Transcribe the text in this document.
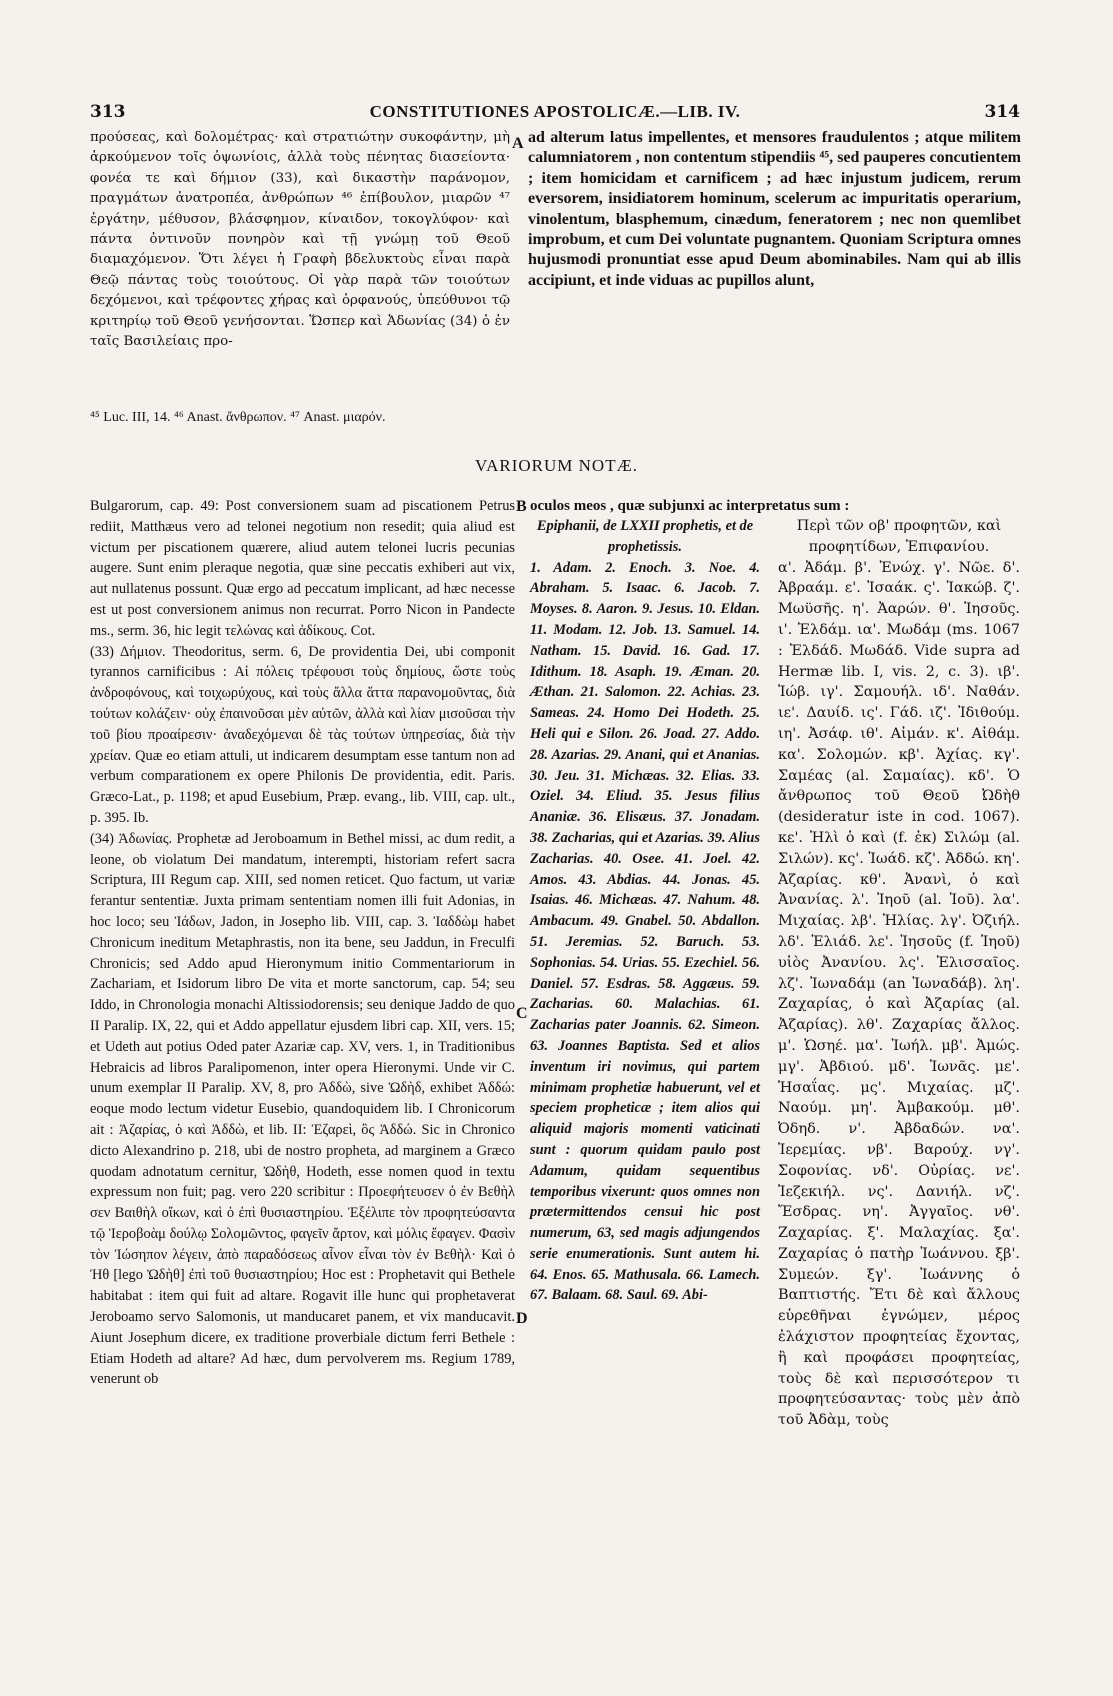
313	CONSTITUTIONES APOSTOLICÆ.—LIB. IV.	314

προύσεας, καὶ δολομέτρας· καὶ στρατιώτην συκοφάντην, μὴ ἀρκούμενον τοῖς ὀψωνίοις, ἀλλὰ τοὺς πένητας διασείοντα· φονέα τε καὶ δήμιον (33), καὶ δικαστὴν παράνομον, πραγμάτων ἀνατροπέα, ἀνθρώπων ⁴⁶ ἐπίβουλον, μιαρῶν ⁴⁷ ἐργάτην, μέθυσον, βλάσφημον, κίναιδον, τοκογλύφον· καὶ πάντα ὀντινοῦν πονηρὸν καὶ τῇ γνώμῃ τοῦ Θεοῦ διαμαχόμενον. Ὅτι λέγει ἡ Γραφὴ βδελυκτοὺς εἶναι παρὰ Θεῷ πάντας τοὺς τοιούτους. Οἱ γὰρ παρὰ τῶν τοιούτων δεχόμενοι, καὶ τρέφοντες χήρας καὶ ὀρφανούς, ὑπεύθυνοι τῷ κριτηρίῳ τοῦ Θεοῦ γενήσονται. Ὥσπερ καὶ Ἀδωνίας (34) ὁ ἐν ταῖς Βασιλείαις προ-

A ad alterum latus impellentes, et mensores fraudulentos ; atque militem calumniatorem , non contentum stipendiis ⁴⁵, sed pauperes concutientem ; item homicidam et carnificem ; ad hæc injustum judicem, rerum eversorem, insidiatorem hominum, scelerum ac impuritatis operarium, vinolentum, blasphemum, cinædum, feneratorem ; nec non quemlibet improbum, et cum Dei voluntate pugnantem. Quoniam Scriptura omnes hujusmodi pronuntiat esse apud Deum abominabiles. Nam qui ab illis accipiunt, et inde viduas ac pupillos alunt,

⁴⁵ Luc. III, 14. ⁴⁶ Anast. ἄνθρωπον. ⁴⁷ Anast. μιαρόν.
VARIORUM NOTÆ.

Bulgarorum, cap. 49: Post conversionem suam ad piscationem Petrus rediit, Matthæus vero ad telonei negotium non resedit; quia aliud est victum per piscationem quærere, aliud autem telonei lucris pecunias augere. Sunt enim pleraque negotia, quæ sine peccatis exhiberi aut vix, aut nullatenus possunt. Quæ ergo ad peccatum implicant, ad hæc necesse est ut post conversionem animus non recurrat. Porro Nicon in Pandecte ms., serm. 36, hic legit τελώνας καὶ ἀδίκους. Cot.

(33) Δήμιον. Theodoritus, serm. 6, De providentia Dei, ubi componit tyrannos carnificibus : Αἱ πόλεις τρέφουσι τοὺς δημίους, ὥστε τοὺς ἀνδροφόνους, καὶ τοιχωρύχους, καὶ τοὺς ἄλλα ἅττα παρανομοῦντας, διὰ τούτων κολάζειν· οὐχ ἐπαινοῦσαι μὲν αὐτῶν, ἀλλὰ καὶ λίαν μισοῦσαι τὴν τοῦ βίου προαίρεσιν· ἀναδεχόμεναι δὲ τὰς τούτων ὑπηρεσίας, διὰ τὴν χρείαν. Quæ eo etiam attuli, ut indicarem desumptam esse tantum non ad verbum comparationem ex opere Philonis De providentia, edit. Paris. Græco-Lat., p. 1198; et apud Eusebium, Præp. evang., lib. VIII, cap. ult., p. 395. Ib.

(34) Ἀδωνίας. Prophetæ ad Jeroboamum in Bethel missi, ac dum redit, a leone, ob violatum Dei mandatum, interempti, historiam refert sacra Scriptura, III Regum cap. XIII, sed nomen reticet. Quo factum, ut variæ ferantur sententiæ. Juxta primam sententiam nomen illi fuit Adonias, in hoc loco; seu Ἰάδων, Jadon, in Josepho lib. VIII, cap. 3. Ἰαδδὼμ habet Chronicum ineditum Metaphrastis, non ita bene, seu Jaddun, in Freculfi Chronicis; sed Addo apud Hieronymum initio Commentariorum in Zachariam, et Isidorum libro De vita et morte sanctorum, cap. 54; seu Iddo, in Chronologia monachi Altissiodorensis; seu denique Jaddo de quo II Paralip. IX, 22, qui et Addo appellatur ejusdem libri cap. XII, vers. 15; et Udeth aut potius Oded pater Azariæ cap. XV, vers. 1, in Traditionibus Hebraicis ad libros Paralipomenon, inter opera Hieronymi. Unde vir C. unum exemplar II Paralip. XV, 8, pro Ἀδδὼ, sive Ὠδὴδ, exhibet Ἀδδώ: eoque modo lectum videtur Eusebio, quandoquidem lib. I Chronicorum ait : Ἀζαρίας, ὁ καὶ Ἀδδὼ, et lib. II: Ἐζαρεὶ, ὃς Ἀδδώ. Sic in Chronico dicto Alexandrino p. 218, ubi de nostro propheta, ad marginem a Græco quodam adnotatum cernitur, Ὠδὴθ, Hodeth, esse nomen quod in textu expressum non fuit; pag. vero 220 scribitur : Προεφήτευσεν ὁ ἐν Βεθὴλ σεν Βαιθὴλ οἴκων, καὶ ὁ ἐπὶ θυσιαστηρίου. Ἐξέλιπε τὸν προφητεύσαντα τῷ Ἱεροβοὰμ δούλῳ Σολομῶντος, φαγεῖν ἄρτον, καὶ μόλις ἔφαγεν. Φασὶν τὸν Ἰώσηπον λέγειν, ἀπὸ παραδόσεως αἶνον εἶναι τὸν ἐν Βεθὴλ· Καὶ ὁ Ἠθ [lego Ὠδὴθ] ἐπὶ τοῦ θυσιαστηρίου; Hoc est : Prophetavit qui Bethele habitabat : item qui fuit ad altare. Rogavit ille hunc qui prophetaverat Jeroboamo servo Salomonis, ut manducaret panem, et vix manducavit. Aiunt Josephum dicere, ex traditione proverbiale dictum ferri Bethele : Etiam Hodeth ad altare? Ad hæc, dum pervolverem ms. Regium 1789, venerunt ob

B
C
D

oculos meos , quæ subjunxi ac interpretatus sum :

Epiphanii, de LXXII prophetis, et de prophetissis.

1. Adam. 2. Enoch. 3. Noe. 4. Abraham. 5. Isaac. 6. Jacob. 7. Moyses. 8. Aaron. 9. Jesus. 10. Eldan. 11. Modam. 12. Job. 13. Samuel. 14. Natham. 15. David. 16. Gad. 17. Idithum. 18. Asaph. 19. Æman. 20. Æthan. 21. Salomon. 22. Achias. 23. Sameas. 24. Homo Dei Hodeth. 25. Heli qui e Silon. 26. Joad. 27. Addo. 28. Azarias. 29. Anani, qui et Ananias. 30. Jeu. 31. Michæas. 32. Elias. 33. Oziel. 34. Eliud. 35. Jesus filius Ananiæ. 36. Elisæus. 37. Jonadam. 38. Zacharias, qui et Azarias. 39. Alius Zacharias. 40. Osee. 41. Joel. 42. Amos. 43. Abdias. 44. Jonas. 45. Isaias. 46. Michæas. 47. Nahum. 48. Ambacum. 49. Gnabel. 50. Abdallon. 51. Jeremias. 52. Baruch. 53. Sophonias. 54. Urias. 55. Ezechiel. 56. Daniel. 57. Esdras. 58. Aggæus. 59. Zacharias. 60. Malachias. 61. Zacharias pater Joannis. 62. Simeon. 63. Joannes Baptista. Sed et alios inventum iri novimus, qui partem minimam prophetiæ habuerunt, vel et speciem propheticæ ; item alios qui aliquid majoris momenti vaticinati sunt : quorum quidam paulo post Adamum, quidam sequentibus temporibus vixerunt: quos omnes non prætermittendos censui hic post numerum, 63, sed magis adjungendos serie enumerationis. Sunt autem hi. 64. Enos. 65. Mathusala. 66. Lamech. 67. Balaam. 68. Saul. 69. Abi-

Περὶ τῶν οβ' προφητῶν, καὶ προφητίδων, Ἐπιφανίου.

α'. Ἀδάμ. β'. Ἐνώχ. γ'. Νῶε. δ'. Ἀβραάμ. ε'. Ἰσαάκ. ς'. Ἰακώβ. ζ'. Μωϋσῆς. η'. Ἀαρών. θ'. Ἰησοῦς. ι'. Ἐλδάμ. ια'. Μωδάμ (ms. 1067 : Ἐλδάδ. Μωδάδ. Vide supra ad Hermæ lib. I, vis. 2, c. 3). ιβ'. Ἰώβ. ιγ'. Σαμουήλ. ιδ'. Ναθάν. ιε'. Δαυίδ. ις'. Γάδ. ιζ'. Ἰδιθούμ. ιη'. Ἀσάφ. ιθ'. Αἰμάν. κ'. Αἰθάμ. κα'. Σολομών. κβ'. Ἀχίας. κγ'. Σαμέας (al. Σαμαίας). κδ'. Ὁ ἄνθρωπος τοῦ Θεοῦ Ὠδὴθ (desideratur iste in cod. 1067). κε'. Ἠλὶ ὁ καὶ (f. ἐκ) Σιλώμ (al. Σιλών). κς'. Ἰωάδ. κζ'. Ἀδδώ. κη'. Ἀζαρίας. κθ'. Ἀνανὶ, ὁ καὶ Ἀνανίας. λ'. Ἰηοῦ (al. Ἰοῦ). λα'. Μιχαίας. λβ'. Ἠλίας. λγ'. Ὀζιήλ. λδ'. Ἐλιάδ. λε'. Ἰησοῦς (f. Ἰηοῦ) υἱὸς Ἀνανίου. λς'. Ἐλισσαῖος. λζ'. Ἰωναδάμ (an Ἰωναδάβ). λη'. Ζαχαρίας, ὁ καὶ Ἀζαρίας (al. Ἀζαρίας). λθ'. Ζαχαρίας ἄλλος. μ'. Ὡσηέ. μα'. Ἰωήλ. μβ'. Ἀμώς. μγ'. Ἀβδιού. μδ'. Ἰωνᾶς. με'. Ἡσαΐας. μς'. Μιχαίας. μζ'. Ναούμ. μη'. Ἀμβακούμ. μθ'. Ὀδηδ. ν'. Ἀβδαδών. να'. Ἱερεμίας. νβ'. Βαρούχ. νγ'. Σοφονίας. νδ'. Οὐρίας. νε'. Ἰεζεκιήλ. νς'. Δανιήλ. νζ'. Ἔσδρας. νη'. Ἀγγαῖος. νθ'. Ζαχαρίας. ξ'. Μαλαχίας. ξα'. Ζαχαρίας ὁ πατὴρ Ἰωάννου. ξβ'. Συμεών. ξγ'. Ἰωάννης ὁ Βαπτιστής. Ἔτι δὲ καὶ ἄλλους εὑρεθῆναι ἐγνώμεν, μέρος ἐλάχιστον προφητείας ἔχοντας, ἢ καὶ προφάσει προφητείας, τοὺς δὲ καὶ περισσότερον τι προφητεύσαντας· τοὺς μὲν ἀπὸ τοῦ Ἀδὰμ, τοὺς
